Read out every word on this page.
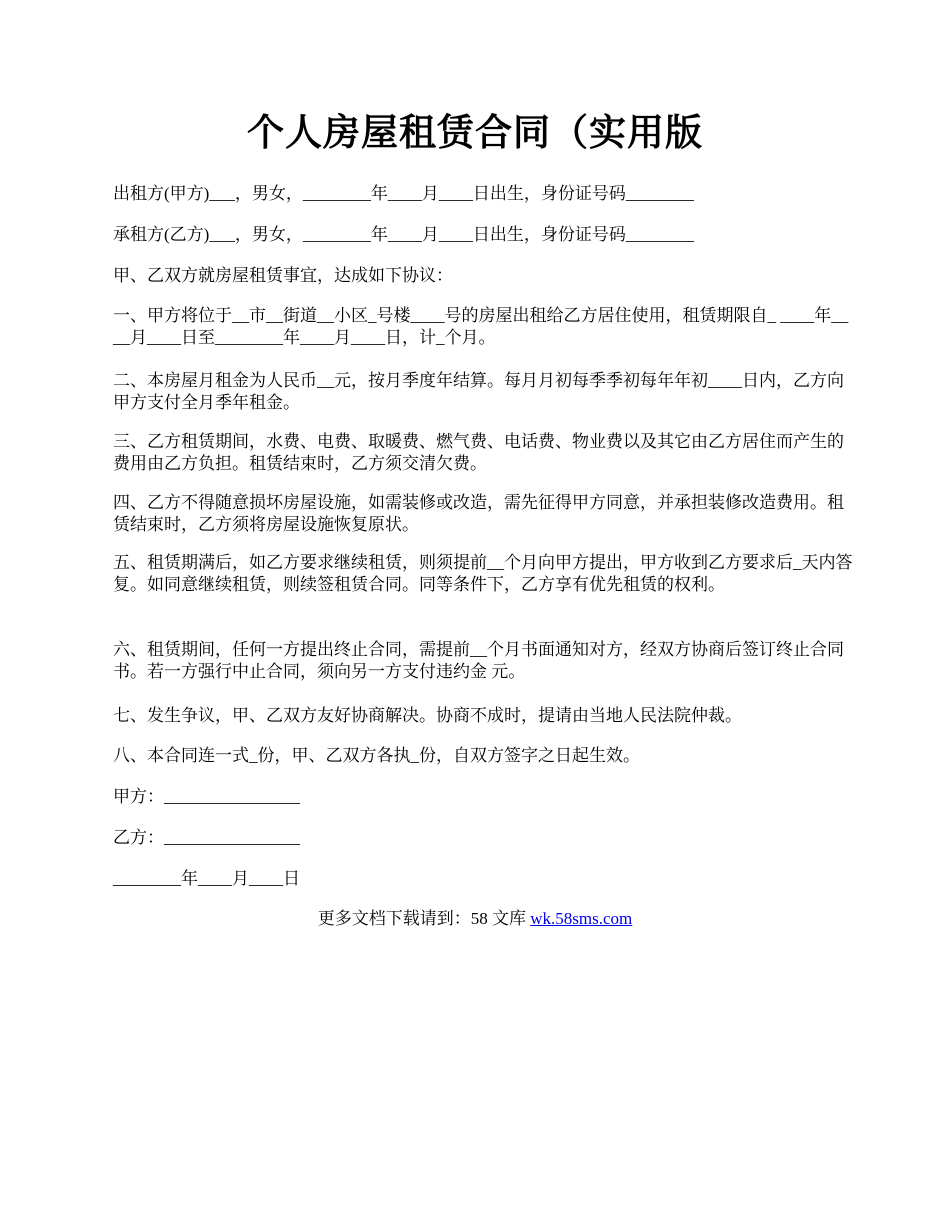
个人房屋租赁合同（实用版

出租方(甲方)___，男女，________年____月____日出生，身份证号码________

承租方(乙方)___，男女，________年____月____日出生，身份证号码________

甲、乙双方就房屋租赁事宜，达成如下协议：

一、甲方将位于__市__街道__小区_号楼____号的房屋出租给乙方居住使用，租赁期限自_ ____年____月____日至________年____月____日，计_个月。

二、本房屋月租金为人民币__元，按月季度年结算。每月月初每季季初每年年初____日内，乙方向甲方支付全月季年租金。

三、乙方租赁期间，水费、电费、取暖费、燃气费、电话费、物业费以及其它由乙方居住而产生的费用由乙方负担。租赁结束时，乙方须交清欠费。

四、乙方不得随意损坏房屋设施，如需装修或改造，需先征得甲方同意，并承担装修改造费用。租赁结束时，乙方须将房屋设施恢复原状。

五、租赁期满后，如乙方要求继续租赁，则须提前__个月向甲方提出，甲方收到乙方要求后_天内答复。如同意继续租赁，则续签租赁合同。同等条件下，乙方享有优先租赁的权利。

六、租赁期间，任何一方提出终止合同，需提前__个月书面通知对方，经双方协商后签订终止合同书。若一方强行中止合同，须向另一方支付违约金 元。

七、发生争议，甲、乙双方友好协商解决。协商不成时，提请由当地人民法院仲裁。

八、本合同连一式_份，甲、乙双方各执_份，自双方签字之日起生效。

甲方：________________

乙方：________________

________年____月____日

更多文档下载请到：58 文库 wk.58sms.com
